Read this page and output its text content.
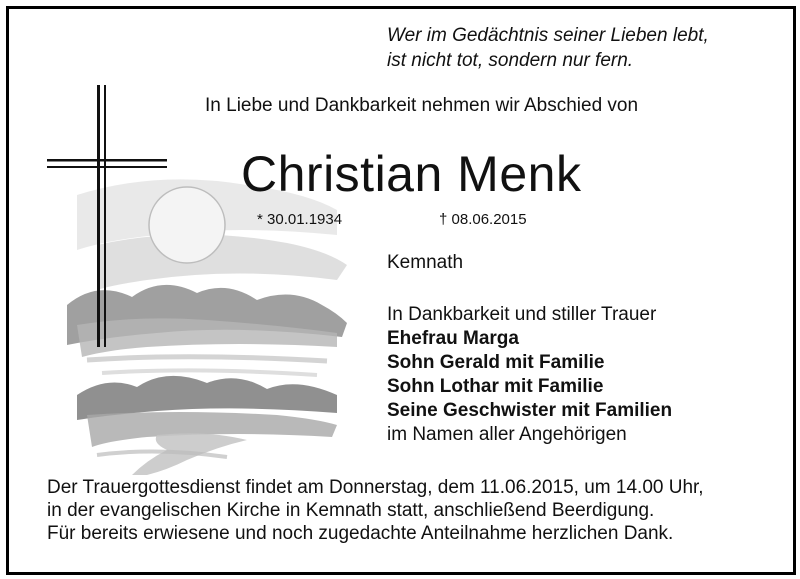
Wer im Gedächtnis seiner Lieben lebt,
ist nicht tot, sondern nur fern.
In Liebe und Dankbarkeit nehmen wir Abschied von
Christian Menk
* 30.01.1934	† 08.06.2015
Kemnath
In Dankbarkeit und stiller Trauer
Ehefrau Marga
Sohn Gerald mit Familie
Sohn Lothar mit Familie
Seine Geschwister mit Familien
im Namen aller Angehörigen
Der Trauergottesdienst findet am Donnerstag, dem 11.06.2015, um 14.00 Uhr,
in der evangelischen Kirche in Kemnath statt, anschließend Beerdigung.
Für bereits erwiesene und noch zugedachte Anteilnahme herzlichen Dank.
